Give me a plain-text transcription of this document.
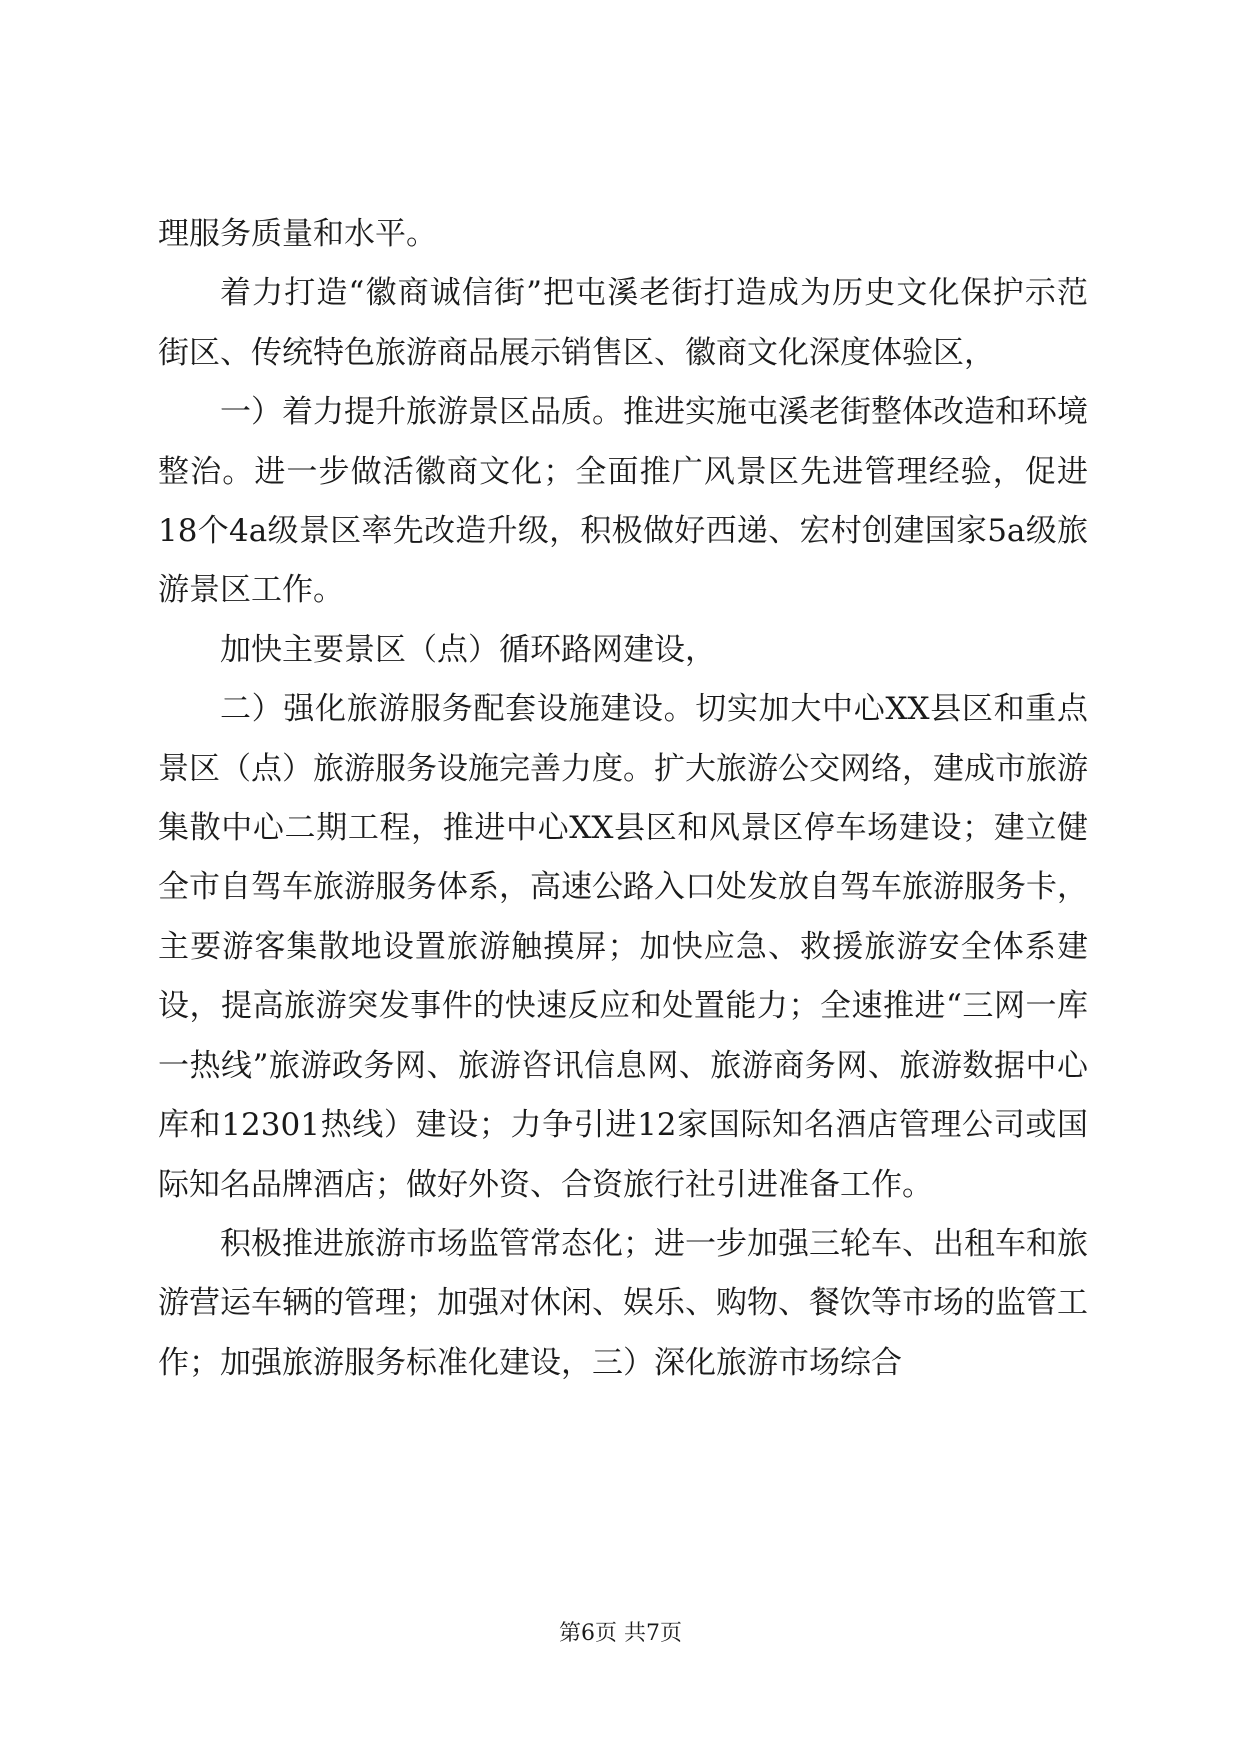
理服务质量和水平。

着力打造“徽商诚信街”把屯溪老街打造成为历史文化保护示范街区、传统特色旅游商品展示销售区、徽商文化深度体验区，

一）着力提升旅游景区品质。推进实施屯溪老街整体改造和环境整治。进一步做活徽商文化；全面推广风景区先进管理经验，促进18个4a级景区率先改造升级，积极做好西递、宏村创建国家5a级旅游景区工作。

加快主要景区（点）循环路网建设，

二）强化旅游服务配套设施建设。切实加大中心XX县区和重点景区（点）旅游服务设施完善力度。扩大旅游公交网络，建成市旅游集散中心二期工程，推进中心XX县区和风景区停车场建设；建立健全市自驾车旅游服务体系，高速公路入口处发放自驾车旅游服务卡，主要游客集散地设置旅游触摸屏；加快应急、救援旅游安全体系建设，提高旅游突发事件的快速反应和处置能力；全速推进“三网一库一热线”旅游政务网、旅游咨讯信息网、旅游商务网、旅游数据中心库和12301热线）建设；力争引进12家国际知名酒店管理公司或国际知名品牌酒店；做好外资、合资旅行社引进准备工作。

积极推进旅游市场监管常态化；进一步加强三轮车、出租车和旅游营运车辆的管理；加强对休闲、娱乐、购物、餐饮等市场的监管工作；加强旅游服务标准化建设，三）深化旅游市场综合

第6页 共7页
